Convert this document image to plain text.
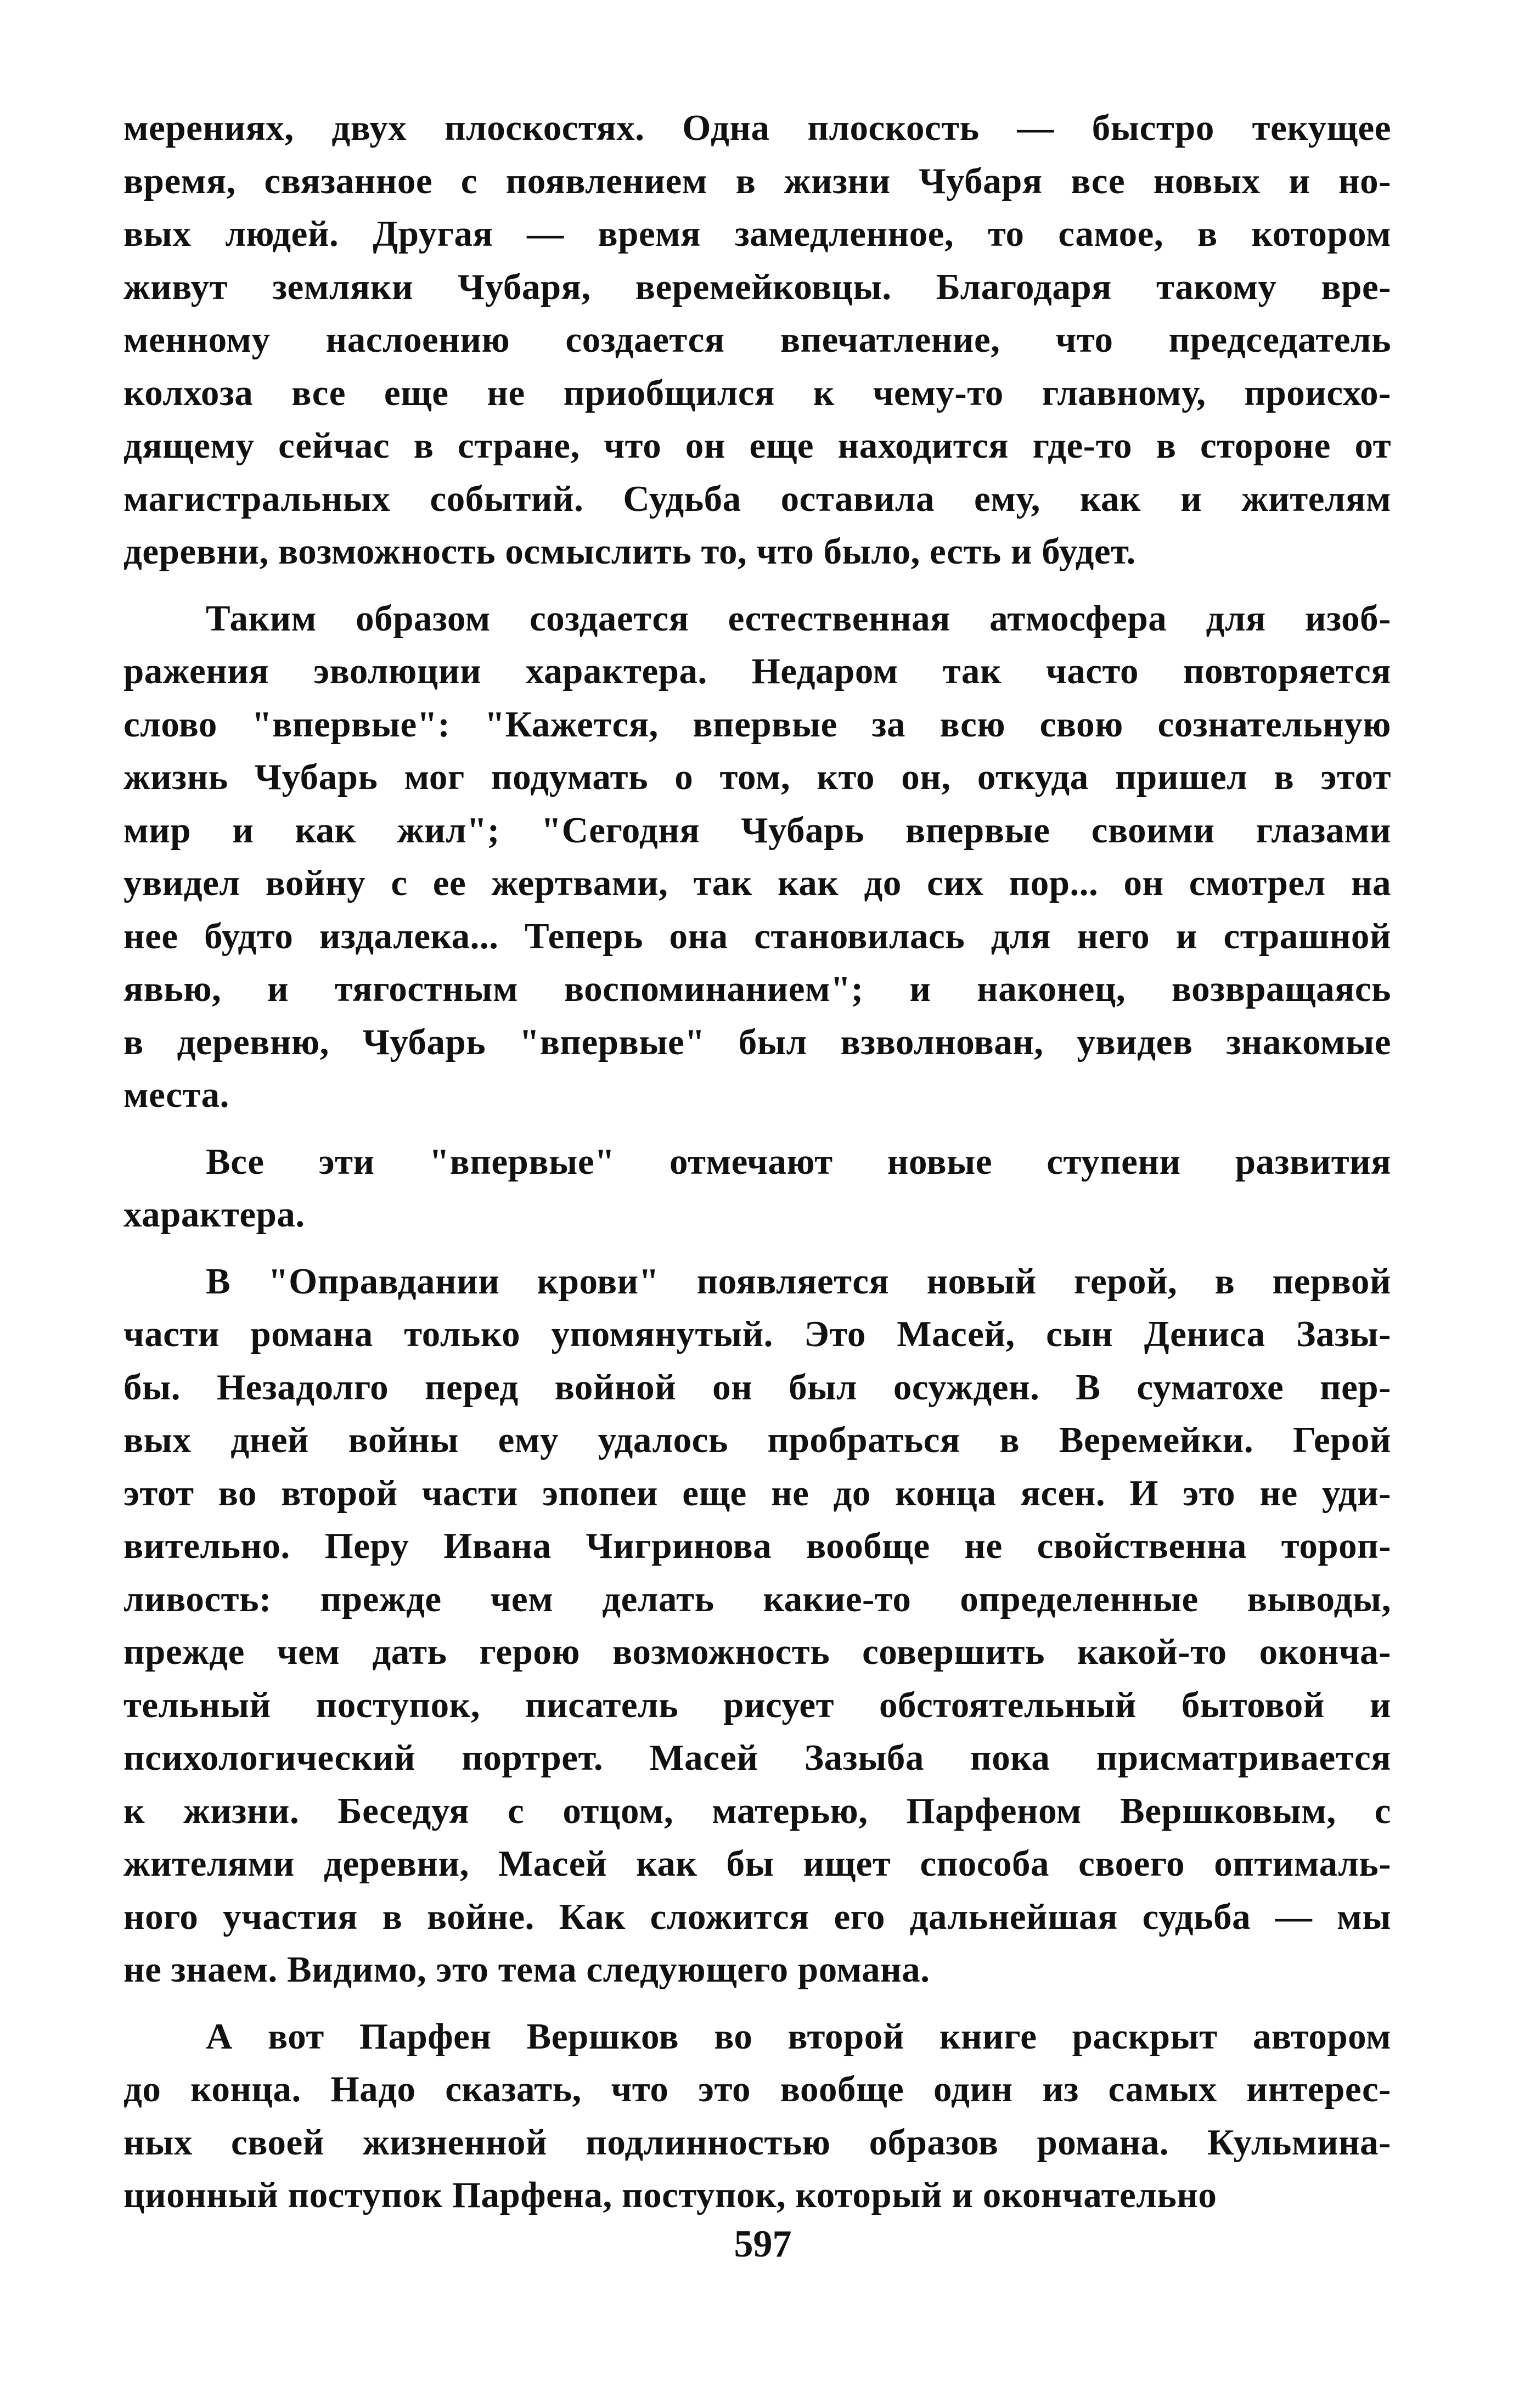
мерениях, двух плоскостях. Одна плоскость — быстро текущее
время, связанное с появлением в жизни Чубаря все новых и но-
вых людей. Другая — время замедленное, то самое, в котором
живут земляки Чубаря, веремейковцы. Благодаря такому вре-
менному наслоению создается впечатление, что председатель
колхоза все еще не приобщился к чему-то главному, происхо-
дящему сейчас в стране, что он еще находится где-то в стороне от
магистральных событий. Судьба оставила ему, как и жителям
деревни, возможность осмыслить то, что было, есть и будет.
Таким образом создается естественная атмосфера для изоб-
ражения эволюции характера. Недаром так часто повторяется
слово "впервые": "Кажется, впервые за всю свою сознательную
жизнь Чубарь мог подумать о том, кто он, откуда пришел в этот
мир и как жил"; "Сегодня Чубарь впервые своими глазами
увидел войну с ее жертвами, так как до сих пор... он смотрел на
нее будто издалека... Теперь она становилась для него и страшной
явью, и тягостным воспоминанием"; и наконец, возвращаясь
в деревню, Чубарь "впервые" был взволнован, увидев знакомые
места.
Все эти "впервые" отмечают новые ступени развития
характера.
В "Оправдании крови" появляется новый герой, в первой
части романа только упомянутый. Это Масей, сын Дениса Зазы-
бы. Незадолго перед войной он был осужден. В суматохе пер-
вых дней войны ему удалось пробраться в Веремейки. Герой
этот во второй части эпопеи еще не до конца ясен. И это не уди-
вительно. Перу Ивана Чигринова вообще не свойственна тороп-
ливость: прежде чем делать какие-то определенные выводы,
прежде чем дать герою возможность совершить какой-то оконча-
тельный поступок, писатель рисует обстоятельный бытовой и
психологический портрет. Масей Зазыба пока присматривается
к жизни. Беседуя с отцом, матерью, Парфеном Вершковым, с
жителями деревни, Масей как бы ищет способа своего оптималь-
ного участия в войне. Как сложится его дальнейшая судьба — мы
не знаем. Видимо, это тема следующего романа.
А вот Парфен Вершков во второй книге раскрыт автором
до конца. Надо сказать, что это вообще один из самых интерес-
ных своей жизненной подлинностью образов романа. Кульмина-
ционный поступок Парфена, поступок, который и окончательно
597
